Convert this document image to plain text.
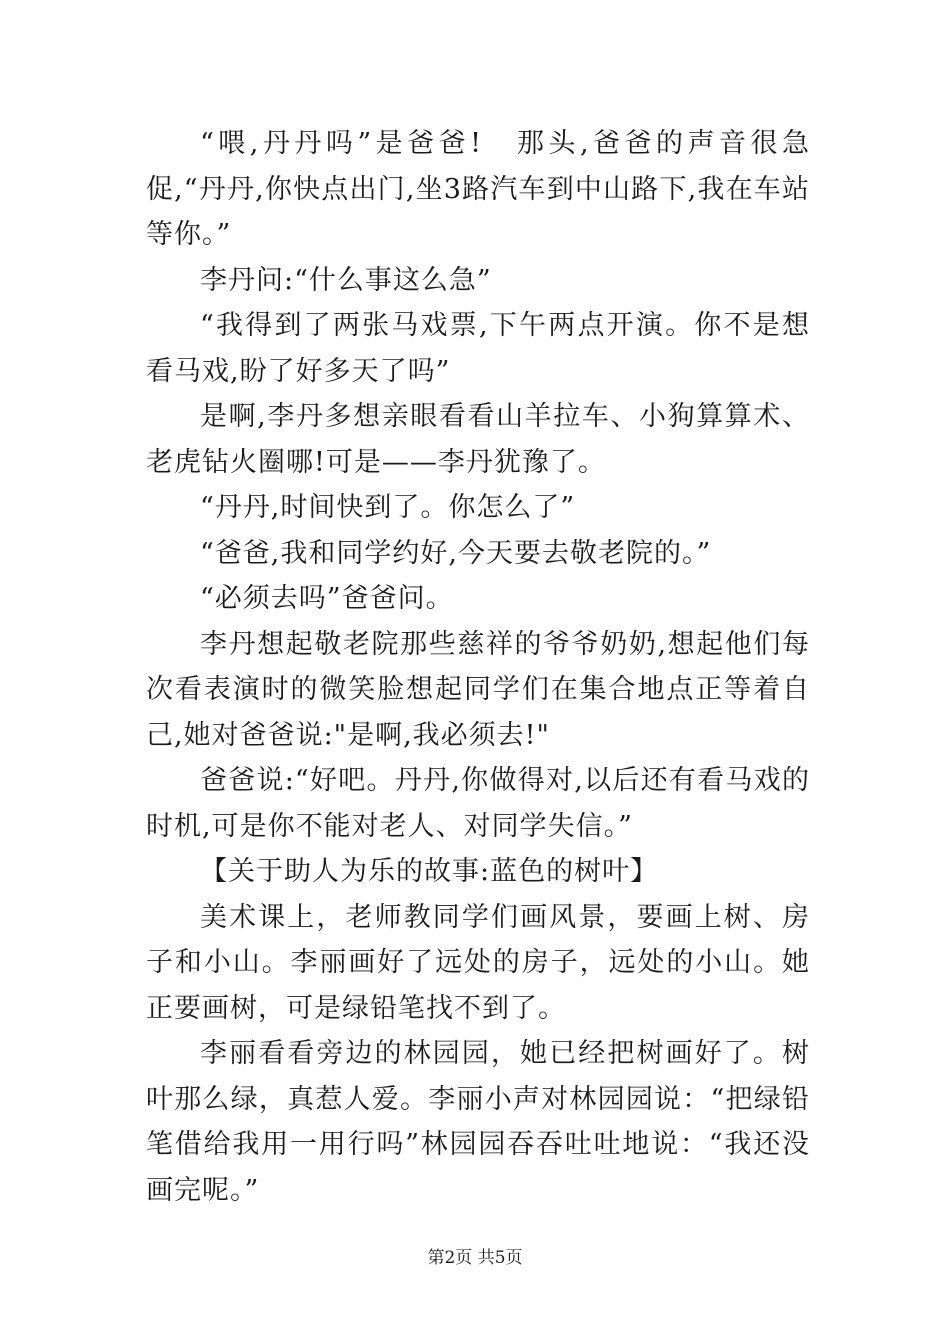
“喂,丹丹吗”是爸爸!　那头,爸爸的声音很急促,“丹丹,你快点出门,坐3路汽车到中山路下,我在车站等你。”

李丹问:“什么事这么急”

“我得到了两张马戏票,下午两点开演。你不是想看马戏,盼了好多天了吗”

是啊,李丹多想亲眼看看山羊拉车、小狗算算术、老虎钻火圈哪!可是——李丹犹豫了。

“丹丹,时间快到了。你怎么了”

“爸爸,我和同学约好,今天要去敬老院的。”

“必须去吗”爸爸问。

李丹想起敬老院那些慈祥的爷爷奶奶,想起他们每次看表演时的微笑脸想起同学们在集合地点正等着自己,她对爸爸说:"是啊,我必须去!"

爸爸说:“好吧。丹丹,你做得对,以后还有看马戏的时机,可是你不能对老人、对同学失信。”

【关于助人为乐的故事:蓝色的树叶】

美术课上，老师教同学们画风景，要画上树、房子和小山。李丽画好了远处的房子，远处的小山。她正要画树，可是绿铅笔找不到了。

李丽看看旁边的林园园，她已经把树画好了。树叶那么绿，真惹人爱。李丽小声对林园园说：“把绿铅笔借给我用一用行吗”林园园吞吞吐吐地说：“我还没画完呢。”

第2页 共5页
